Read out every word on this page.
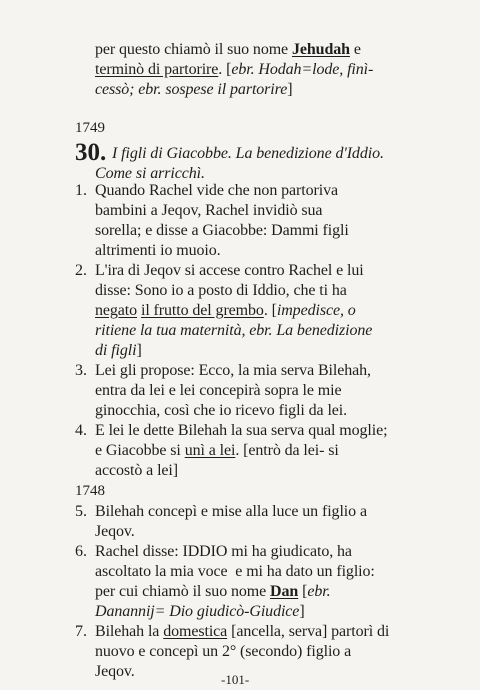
per questo chiamò il suo nome Jehudah e
terminò di partorire. [ebr. Hodah=lode, finì-
cessò; ebr. sospese il partorire]
1749
30. I figli di Giacobbe. La benedizione d'Iddio.
Come si arricchì.
1. Quando Rachel vide che non partoriva
bambini a Jeqov, Rachel invidiò sua
sorella; e disse a Giacobbe: Dammi figli
altrimenti io muoio.
2. L'ira di Jeqov si accese contro Rachel e lui
disse: Sono io a posto di Iddio, che ti ha
negato il frutto del grembo. [impedisce, o
ritiene la tua maternità, ebr. La benedizione
di figli]
3. Lei gli propose: Ecco, la mia serva Bilehah,
entra da lei e lei concepirà sopra le mie
ginocchia, così che io ricevo figli da lei.
4. E lei le dette Bilehah la sua serva qual moglie;
e Giacobbe si unì a lei. [entrò da lei- si
accostò a lei]
1748
5. Bilehah concepì e mise alla luce un figlio a
Jeqov.
6. Rachel disse: IDDIO mi ha giudicato, ha
ascoltato la mia voce  e mi ha dato un figlio:
per cui chiamò il suo nome Dan [ebr.
Danannij= Dio giudicò-Giudice]
7. Bilehah la domestica [ancella, serva] partorì di
nuovo e concepì un 2° (secondo) figlio a
Jeqov.	-101-
